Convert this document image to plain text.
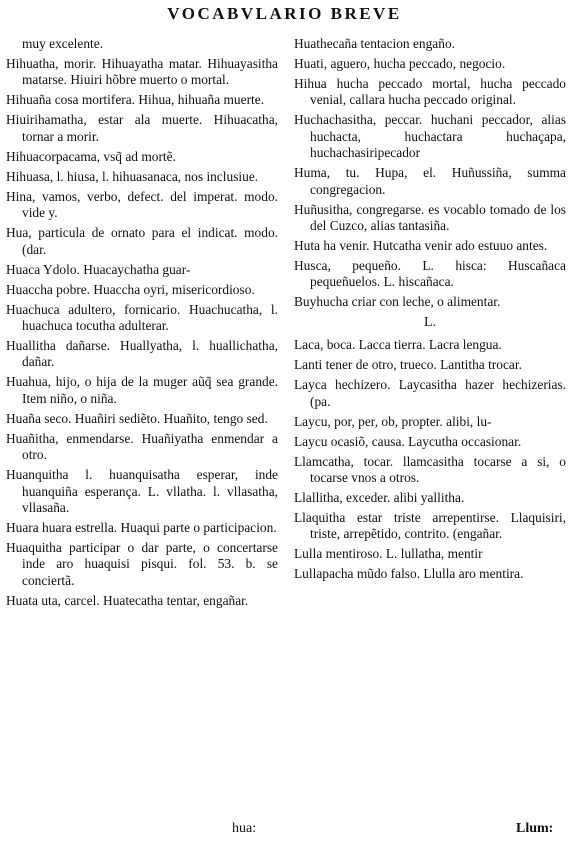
VOCABVLARIO BREVE

muy excelente.

Hihuatha, morir. Hihuayatha matar. Hihuayasitha matarse. Hiuiri hõbre muerto o mortal.

Hihuaña cosa mortifera. Hihua, hihuaña muerte.

Hiuirihamatha, estar ala muerte. Hihuacatha, tornar a morir.

Hihuacorpacama, vsq̃ ad mortẽ.

Hihuasa, l. hiusa, l. hihuasanaca, nos inclusiue.

Hina, vamos, verbo, defect. del imperat. modo. vide y.

Hua, particula de ornato para el indicat. modo. (dar.

Huaca Ydolo. Huacaychatha guar-

Huaccha pobre. Huaccha oyri, misericordioso.

Huachuca adultero, fornicario. Huachucatha, l. huachuca tocutha adulterar.

Huallitha dañarse. Huallyatha, l. huallichatha, dañar.

Huahua, hijo, o hija de la muger aũq̃ sea grande. Item niño, o niña.

Huaña seco. Huañiri sediẽto. Huañito, tengo sed.

Huañitha, enmendarse. Huañiyatha enmendar a otro.

Huanquitha l. huanquisatha esperar, inde huanquiña esperança. L. vllatha. l. vllasatha, vllasaña.

Huara huara estrella. Huaqui parte o participacion.

Huaquitha participar o dar parte, o concertarse inde aro huaquisi pisqui. fol. 53. b. se conciertã.

Huata uta, carcel. Huatecatha tentar, engañar.

Huathecaña tentacion engaño.

Huati, aguero, hucha peccado, negocio.

Hihua hucha peccado mortal, hucha peccado venial, callara hucha peccado original.

Huchachasitha, peccar. huchani peccador, alias huchacta, huchactara huchaçapa, huchachasiripecador

Huma, tu. Hupa, el. Huñussiña, summa congregacion.

Huñusitha, congregarse. es vocablo tomado de los del Cuzco, alias tantasiña.

Huta ha venir. Hutcatha venir ado estuuo antes.

Husca, pequeño. L. hisca: Huscañaca pequeñuelos. L. hiscañaca.

Buyhucha criar con leche, o alimentar.

L.

Laca, boca. Lacca tierra. Lacra lengua.

Lanti tener de otro, trueco. Lantitha trocar.

Layca hechizero. Laycasitha hazer hechizerias. (pa.

Laycu, por, per, ob, propter. alibi, lu-

Laycu ocasiõ, causa. Laycutha occasionar.

Llamcatha, tocar. llamcasitha tocarse a si, o tocarse vnos a otros.

Llallitha, exceder. alibi yallitha.

Llaquitha estar triste arrepentirse. Llaquisiri, triste, arrepẽtido, contrito. (engañar.

Lulla mentiroso. L. lullatha, mentir

Lullapacha mũdo falso. Llulla aro mentira.

hua:	Llum:
